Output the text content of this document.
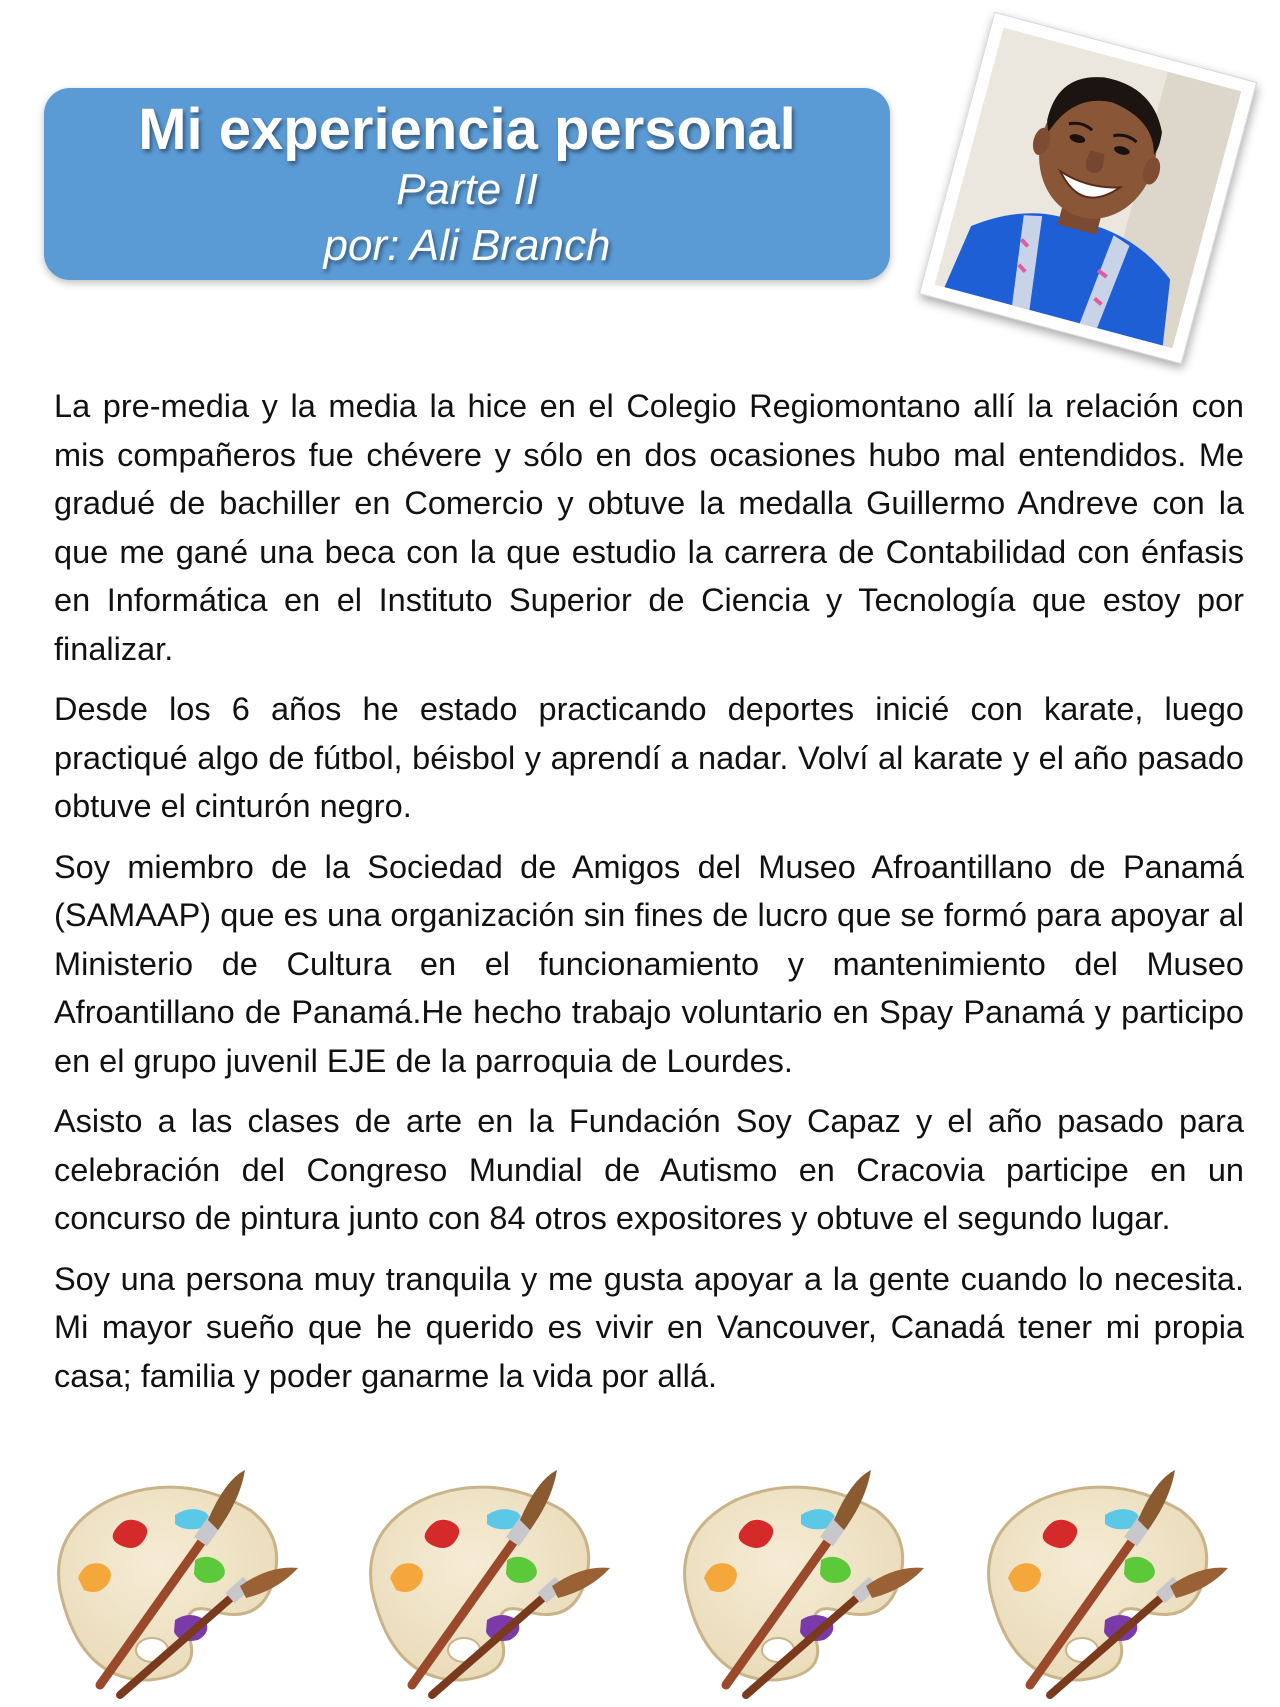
Mi experiencia personal
Parte II
por: Ali Branch

La pre-media y la media la hice en el Colegio Regiomontano allí la relación con mis compañeros fue chévere y sólo en dos ocasiones hubo mal entendidos. Me gradué de bachiller en Comercio y obtuve la medalla Guillermo Andreve con la que me gané una beca con la que estudio la carrera de Contabilidad con énfasis en Informática en el Instituto Superior de Ciencia y Tecnología que estoy por finalizar.

Desde los 6 años he estado practicando deportes inicié con karate, luego practiqué algo de fútbol, béisbol y aprendí a nadar. Volví al karate y el año pasado obtuve el cinturón negro.

Soy miembro de la Sociedad de Amigos del Museo Afroantillano de Panamá (SAMAAP) que es una organización sin fines de lucro que se formó para apoyar al Ministerio de Cultura en el funcionamiento y mantenimiento del Museo Afroantillano de Panamá.He hecho trabajo voluntario en Spay Panamá y participo en el grupo juvenil EJE de la parroquia de Lourdes.

Asisto a las clases de arte en la Fundación Soy Capaz y el año pasado para celebración del Congreso Mundial de Autismo en Cracovia participe en un concurso de pintura junto con 84 otros expositores y obtuve el segundo lugar.

Soy una persona muy tranquila y me gusta apoyar a la gente cuando lo necesita. Mi mayor sueño que he querido es vivir en Vancouver, Canadá tener mi propia casa; familia y poder ganarme la vida por allá.
